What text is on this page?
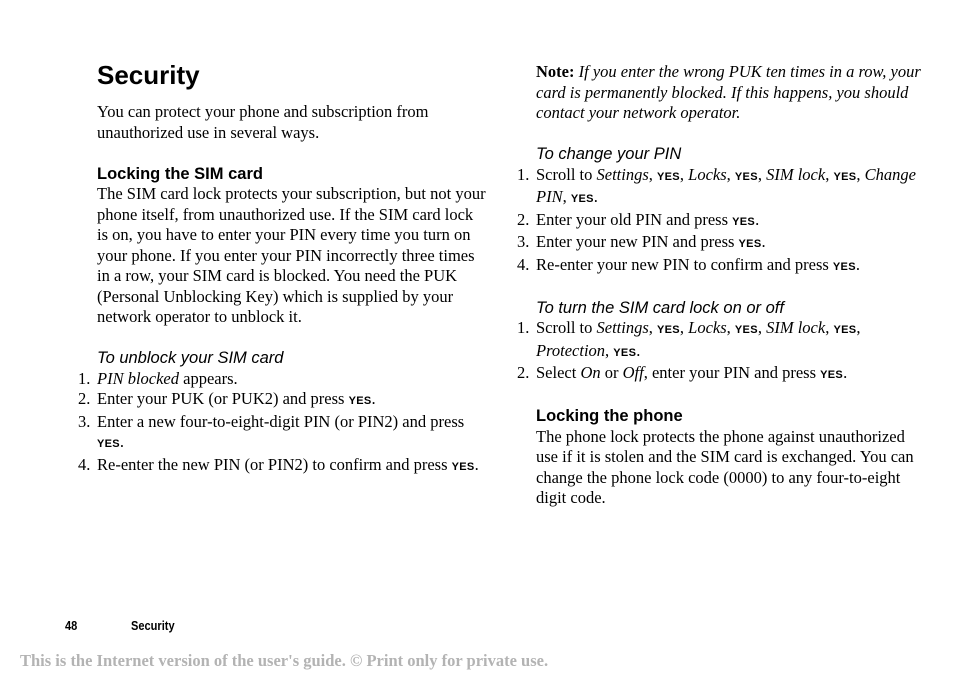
Security

You can protect your phone and subscription from unauthorized use in several ways.

Locking the SIM card

The SIM card lock protects your subscription, but not your phone itself, from unauthorized use. If the SIM card lock is on, you have to enter your PIN every time you turn on your phone. If you enter your PIN incorrectly three times in a row, your SIM card is blocked. You need the PUK (Personal Unblocking Key) which is supplied by your network operator to unblock it.

To unblock your SIM card
1. PIN blocked appears.
2. Enter your PUK (or PUK2) and press YES.
3. Enter a new four-to-eight-digit PIN (or PIN2) and press YES.
4. Re-enter the new PIN (or PIN2) to confirm and press YES.

Note: If you enter the wrong PUK ten times in a row, your card is permanently blocked. If this happens, you should contact your network operator.

To change your PIN
1. Scroll to Settings, YES, Locks, YES, SIM lock, YES, Change PIN, YES.
2. Enter your old PIN and press YES.
3. Enter your new PIN and press YES.
4. Re-enter your new PIN to confirm and press YES.
To turn the SIM card lock on or off
1. Scroll to Settings, YES, Locks, YES, SIM lock, YES, Protection, YES.
2. Select On or Off, enter your PIN and press YES.
Locking the phone

The phone lock protects the phone against unauthorized use if it is stolen and the SIM card is exchanged. You can change the phone lock code (0000) to any four-to-eight digit code.

48	Security
This is the Internet version of the user's guide. © Print only for private use.
